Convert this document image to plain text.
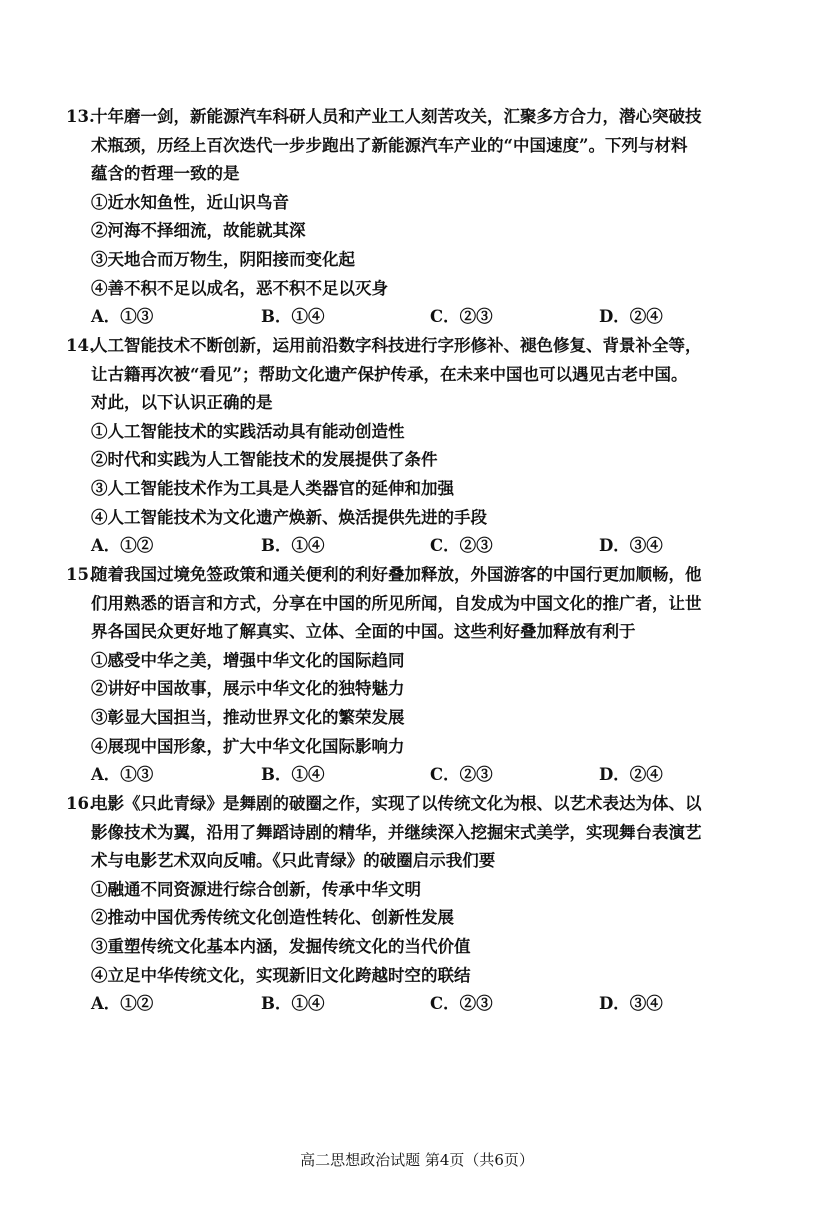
13.十年磨一剑，新能源汽车科研人员和产业工人刻苦攻关，汇聚多方合力，潜心突破技
术瓶颈，历经上百次迭代一步步跑出了新能源汽车产业的“中国速度”。下列与材料
蕴含的哲理一致的是
①近水知鱼性，近山识鸟音
②河海不择细流，故能就其深
③天地合而万物生，阴阳接而变化起
④善不积不足以成名，恶不积不足以灭身
A．①③	B．①④	C．②③	D．②④
14.人工智能技术不断创新，运用前沿数字科技进行字形修补、褪色修复、背景补全等，
让古籍再次被“看见”；帮助文化遗产保护传承，在未来中国也可以遇见古老中国。
对此，以下认识正确的是
①人工智能技术的实践活动具有能动创造性
②时代和实践为人工智能技术的发展提供了条件
③人工智能技术作为工具是人类器官的延伸和加强
④人工智能技术为文化遗产焕新、焕活提供先进的手段
A．①②	B．①④	C．②③	D．③④
15.随着我国过境免签政策和通关便利的利好叠加释放，外国游客的中国行更加顺畅，他
们用熟悉的语言和方式，分享在中国的所见所闻，自发成为中国文化的推广者，让世
界各国民众更好地了解真实、立体、全面的中国。这些利好叠加释放有利于
①感受中华之美，增强中华文化的国际趋同
②讲好中国故事，展示中华文化的独特魅力
③彰显大国担当，推动世界文化的繁荣发展
④展现中国形象，扩大中华文化国际影响力
A．①③	B．①④	C．②③	D．②④
16.电影《只此青绿》是舞剧的破圈之作，实现了以传统文化为根、以艺术表达为体、以
影像技术为翼，沿用了舞蹈诗剧的精华，并继续深入挖掘宋式美学，实现舞台表演艺
术与电影艺术双向反哺。《只此青绿》的破圈启示我们要
①融通不同资源进行综合创新，传承中华文明
②推动中国优秀传统文化创造性转化、创新性发展
③重塑传统文化基本内涵，发掘传统文化的当代价值
④立足中华传统文化，实现新旧文化跨越时空的联结
A．①②	B．①④	C．②③	D．③④
高二思想政治试题 第4页（共6页）
